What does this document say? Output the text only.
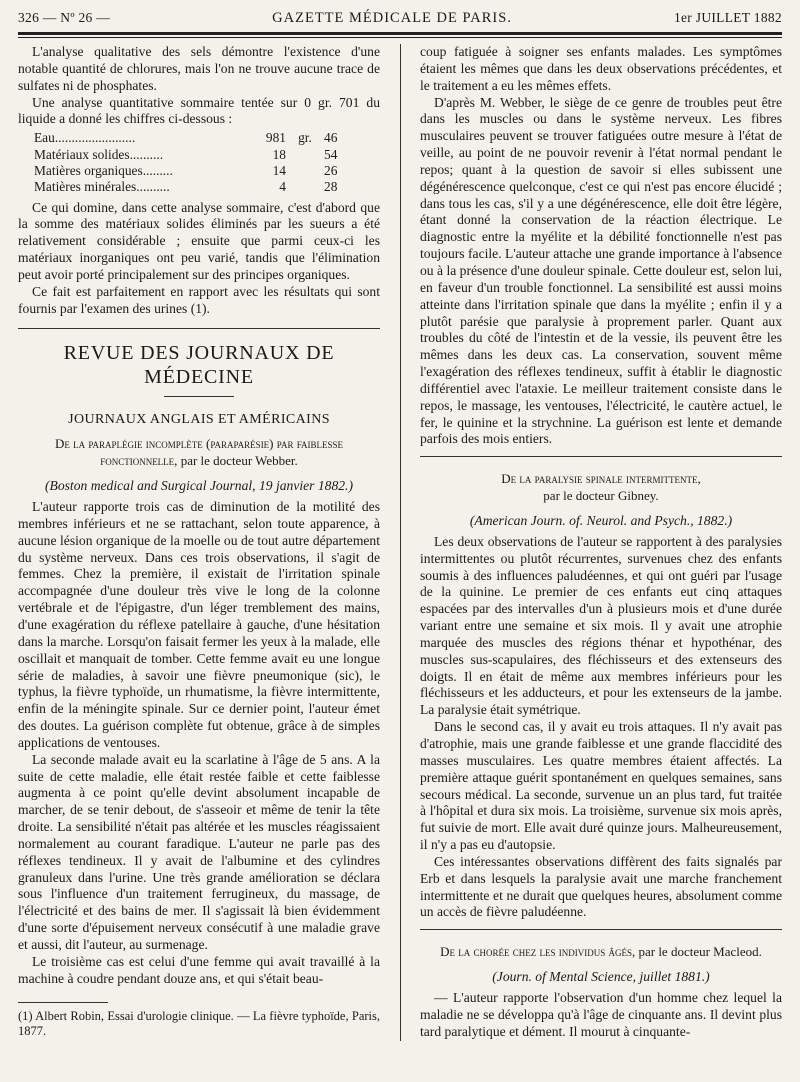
326 — Nº 26 —	GAZETTE MÉDICALE DE PARIS.	1er JUILLET 1882

L'analyse qualitative des sels démontre l'existence d'une notable quantité de chlorures, mais l'on ne trouve aucune trace de sulfates ni de phosphates.

Une analyse quantitative sommaire tentée sur 0 gr. 701 du liquide a donné les chiffres ci-dessous :

Eau........................	981	gr.	46
Matériaux solides..........	18		54
Matières organiques.........	14		26
Matières minérales..........	4		28

Ce qui domine, dans cette analyse sommaire, c'est d'abord que la somme des matériaux solides éliminés par les sueurs a été relativement considérable ; ensuite que parmi ceux-ci les matériaux inorganiques ont peu varié, tandis que l'élimination peut avoir porté principalement sur des principes organiques.

Ce fait est parfaitement en rapport avec les résultats qui sont fournis par l'examen des urines (1).

REVUE DES JOURNAUX DE MÉDECINE
JOURNAUX ANGLAIS ET AMÉRICAINS
De la paraplégie incomplète (paraparésie) par faiblesse fonctionnelle, par le docteur Webber.
(Boston medical and Surgical Journal, 19 janvier 1882.)

L'auteur rapporte trois cas de diminution de la motilité des membres inférieurs et ne se rattachant, selon toute apparence, à aucune lésion organique de la moelle ou de tout autre département du système nerveux. Dans ces trois observations, il s'agit de femmes. Chez la première, il existait de l'irritation spinale accompagnée d'une douleur très vive le long de la colonne vertébrale et de l'épigastre, d'un léger tremblement des mains, d'une exagération du réflexe patellaire à gauche, d'une hésitation dans la marche. Lorsqu'on faisait fermer les yeux à la malade, elle oscillait et manquait de tomber. Cette femme avait eu une longue série de maladies, à savoir une fièvre pneumonique (sic), le typhus, la fièvre typhoïde, un rhumatisme, la fièvre intermittente, enfin de la méningite spinale. Sur ce dernier point, l'auteur émet des doutes. La guérison complète fut obtenue, grâce à de simples applications de ventouses.

La seconde malade avait eu la scarlatine à l'âge de 5 ans. A la suite de cette maladie, elle était restée faible et cette faiblesse augmenta à ce point qu'elle devint absolument incapable de marcher, de se tenir debout, de s'asseoir et même de tenir la tête droite. La sensibilité n'était pas altérée et les muscles réagissaient normalement au courant faradique. L'auteur ne parle pas des réflexes tendineux. Il y avait de l'albumine et des cylindres granuleux dans l'urine. Une très grande amélioration se déclara sous l'influence d'un traitement ferrugineux, du massage, de l'électricité et des bains de mer. Il s'agissait là bien évidemment d'une sorte d'épuisement nerveux consécutif à une maladie grave et aussi, dit l'auteur, au surmenage.

Le troisième cas est celui d'une femme qui avait travaillé à la machine à coudre pendant douze ans, et qui s'était beau-

(1) Albert Robin, Essai d'urologie clinique. — La fièvre typhoïde, Paris, 1877.

coup fatiguée à soigner ses enfants malades. Les symptômes étaient les mêmes que dans les deux observations précédentes, et le traitement a eu les mêmes effets.

D'après M. Webber, le siège de ce genre de troubles peut être dans les muscles ou dans le système nerveux. Les fibres musculaires peuvent se trouver fatiguées outre mesure à l'état de veille, au point de ne pouvoir revenir à l'état normal pendant le repos; quant à la question de savoir si elles subissent une dégénérescence quelconque, c'est ce qui n'est pas encore élucidé ; dans tous les cas, s'il y a une dégénérescence, elle doit être légère, étant donné la conservation de la réaction électrique. Le diagnostic entre la myélite et la débilité fonctionnelle n'est pas toujours facile. L'auteur attache une grande importance à l'absence ou à la présence d'une douleur spinale. Cette douleur est, selon lui, en faveur d'un trouble fonctionnel. La sensibilité est aussi moins atteinte dans l'irritation spinale que dans la myélite ; enfin il y a plutôt parésie que paralysie à proprement parler. Quant aux troubles du côté de l'intestin et de la vessie, ils peuvent être les mêmes dans les deux cas. La conservation, souvent même l'exagération des réflexes tendineux, suffit à établir le diagnostic différentiel avec l'ataxie. Le meilleur traitement consiste dans le repos, le massage, les ventouses, l'électricité, le cautère actuel, le fer, le quinine et la strychnine. La guérison est lente et demande parfois des mois entiers.

De la paralysie spinale intermittente,
par le docteur Gibney.
(American Journ. of. Neurol. and Psych., 1882.)

Les deux observations de l'auteur se rapportent à des paralysies intermittentes ou plutôt récurrentes, survenues chez des enfants soumis à des influences paludéennes, et qui ont guéri par l'usage de la quinine. Le premier de ces enfants eut cinq attaques espacées par des intervalles d'un à plusieurs mois et d'une durée variant entre une semaine et six mois. Il y avait une atrophie marquée des muscles des régions thénar et hypothénar, des muscles sus-scapulaires, des fléchisseurs et des extenseurs des doigts. Il en était de même aux membres inférieurs pour les fléchisseurs et les adducteurs, et pour les extenseurs de la jambe. La paralysie était symétrique.

Dans le second cas, il y avait eu trois attaques. Il n'y avait pas d'atrophie, mais une grande faiblesse et une grande flaccidité des masses musculaires. Les quatre membres étaient affectés. La première attaque guérit spontanément en quelques semaines, sans secours médical. La seconde, survenue un an plus tard, fut traitée à l'hôpital et dura six mois. La troisième, survenue six mois après, fut suivie de mort. Elle avait duré quinze jours. Malheureusement, il n'y a pas eu d'autopsie.

Ces intéressantes observations diffèrent des faits signalés par Erb et dans lesquels la paralysie avait une marche franchement intermittente et ne durait que quelques heures, absolument comme un accès de fièvre paludéenne.

De la chorée chez les individus âgés, par le docteur Macleod.
(Journ. of Mental Science, juillet 1881.)

— L'auteur rapporte l'observation d'un homme chez lequel la maladie ne se développa qu'à l'âge de cinquante ans. Il devint plus tard paralytique et dément. Il mourut à cinquante-
